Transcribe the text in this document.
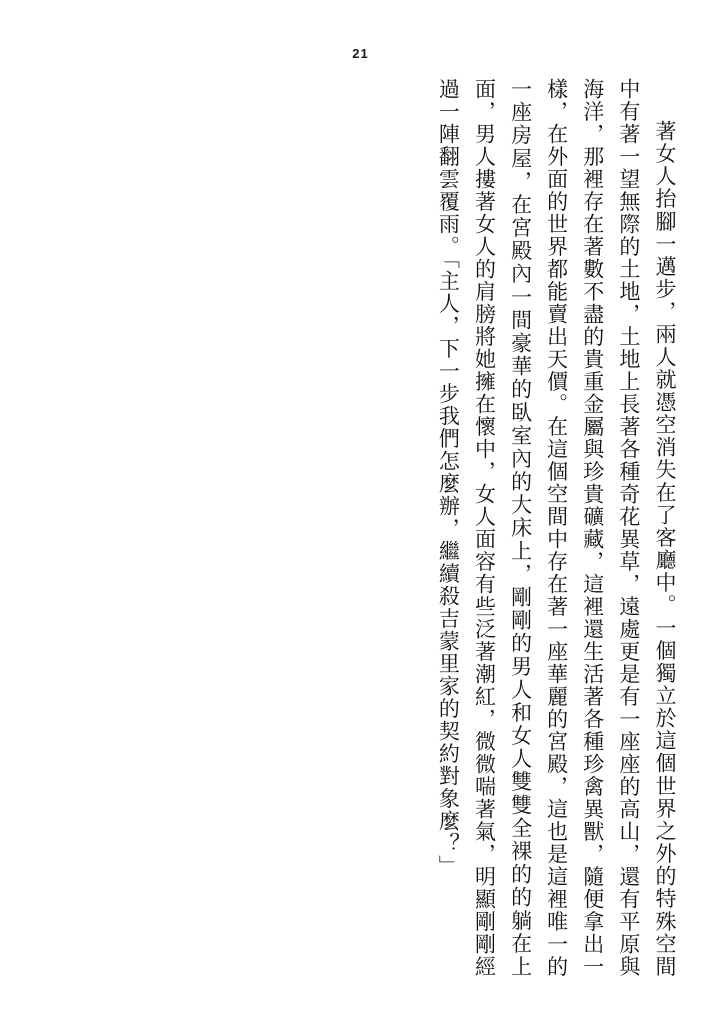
21

著女人抬腳一邁步，兩人就憑空消失在了客廳中。一個獨立於這個世界之外的特殊空間中有著一望無際的土地，土地上長著各種奇花異草，遠處更是有一座座的高山，還有平原與海洋，那裡存在著數不盡的貴重金屬與珍貴礦藏，這裡還生活著各種珍禽異獸，隨便拿出一樣，在外面的世界都能賣出天價。在這個空間中存在著一座華麗的宮殿，這也是這裡唯一的一座房屋，在宮殿內一間豪華的臥室內的大床上，剛剛的男人和女人雙雙全裸的的躺在上面，男人摟著女人的肩膀將她擁在懷中，女人面容有些泛著潮紅，微微喘著氣，明顯剛剛經過一陣翻雲覆雨。「主人，下一步我們怎麼辦，繼續殺吉蒙里家的契約對象麼？」
